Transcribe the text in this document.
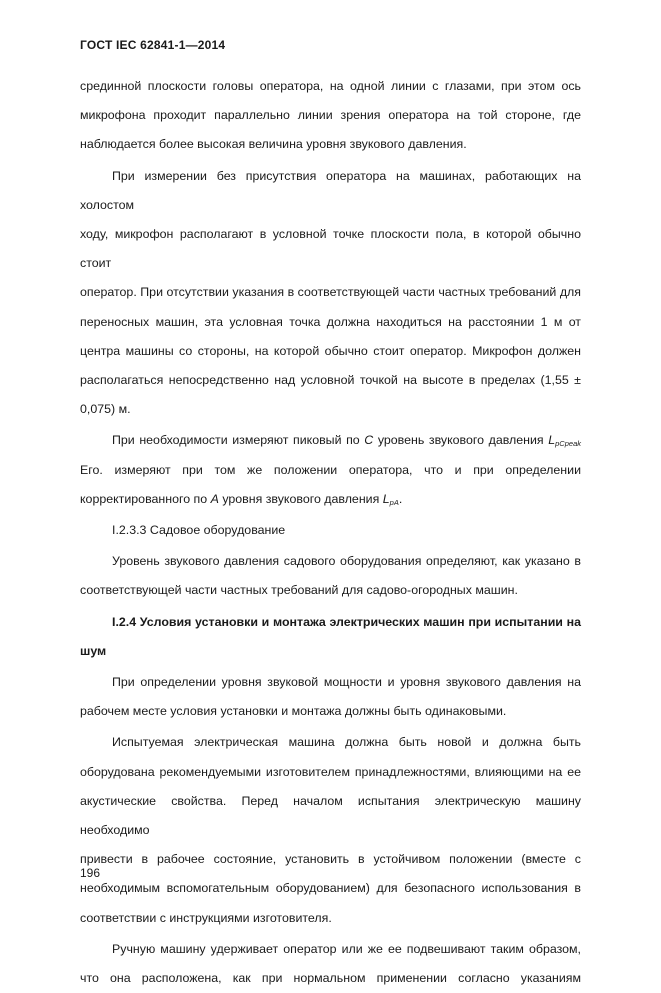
ГОСТ IEC 62841-1—2014
срединной плоскости головы оператора, на одной линии с глазами, при этом ось
микрофона проходит параллельно линии зрения оператора на той стороне, где
наблюдается более высокая величина уровня звукового давления.
При измерении без присутствия оператора на машинах, работающих на холостом
ходу, микрофон располагают в условной точке плоскости пола, в которой обычно стоит
оператор. При отсутствии указания в соответствующей части частных требований для
переносных машин, эта условная точка должна находиться на расстоянии 1 м от
центра машины со стороны, на которой обычно стоит оператор. Микрофон должен
располагаться непосредственно над условной точкой на высоте в пределах (1,55 ±
0,075) м.
При необходимости измеряют пиковый по С уровень звукового давления $L_{pCpeak}$
Его. измеряют при том же положении оператора, что и при определении
корректированного по А уровня звукового давления $L_{pA}$.
I.2.3.3 Садовое оборудование
Уровень звукового давления садового оборудования определяют, как указано в
соответствующей части частных требований для садово-огородных машин.
I.2.4 Условия установки и монтажа электрических машин при испытании на
шум
При определении уровня звуковой мощности и уровня звукового давления на
рабочем месте условия установки и монтажа должны быть одинаковыми.
Испытуемая электрическая машина должна быть новой и должна быть
оборудована рекомендуемыми изготовителем принадлежностями, влияющими на ее
акустические свойства. Перед началом испытания электрическую машину необходимо
привести в рабочее состояние, установить в устойчивом положении (вместе с
необходимым вспомогательным оборудованием) для безопасного использования в
соответствии с инструкциями изготовителя.
Ручную машину удерживает оператор или же ее подвешивают таким образом,
что она расположена, как при нормальном применении согласно указаниям
196
